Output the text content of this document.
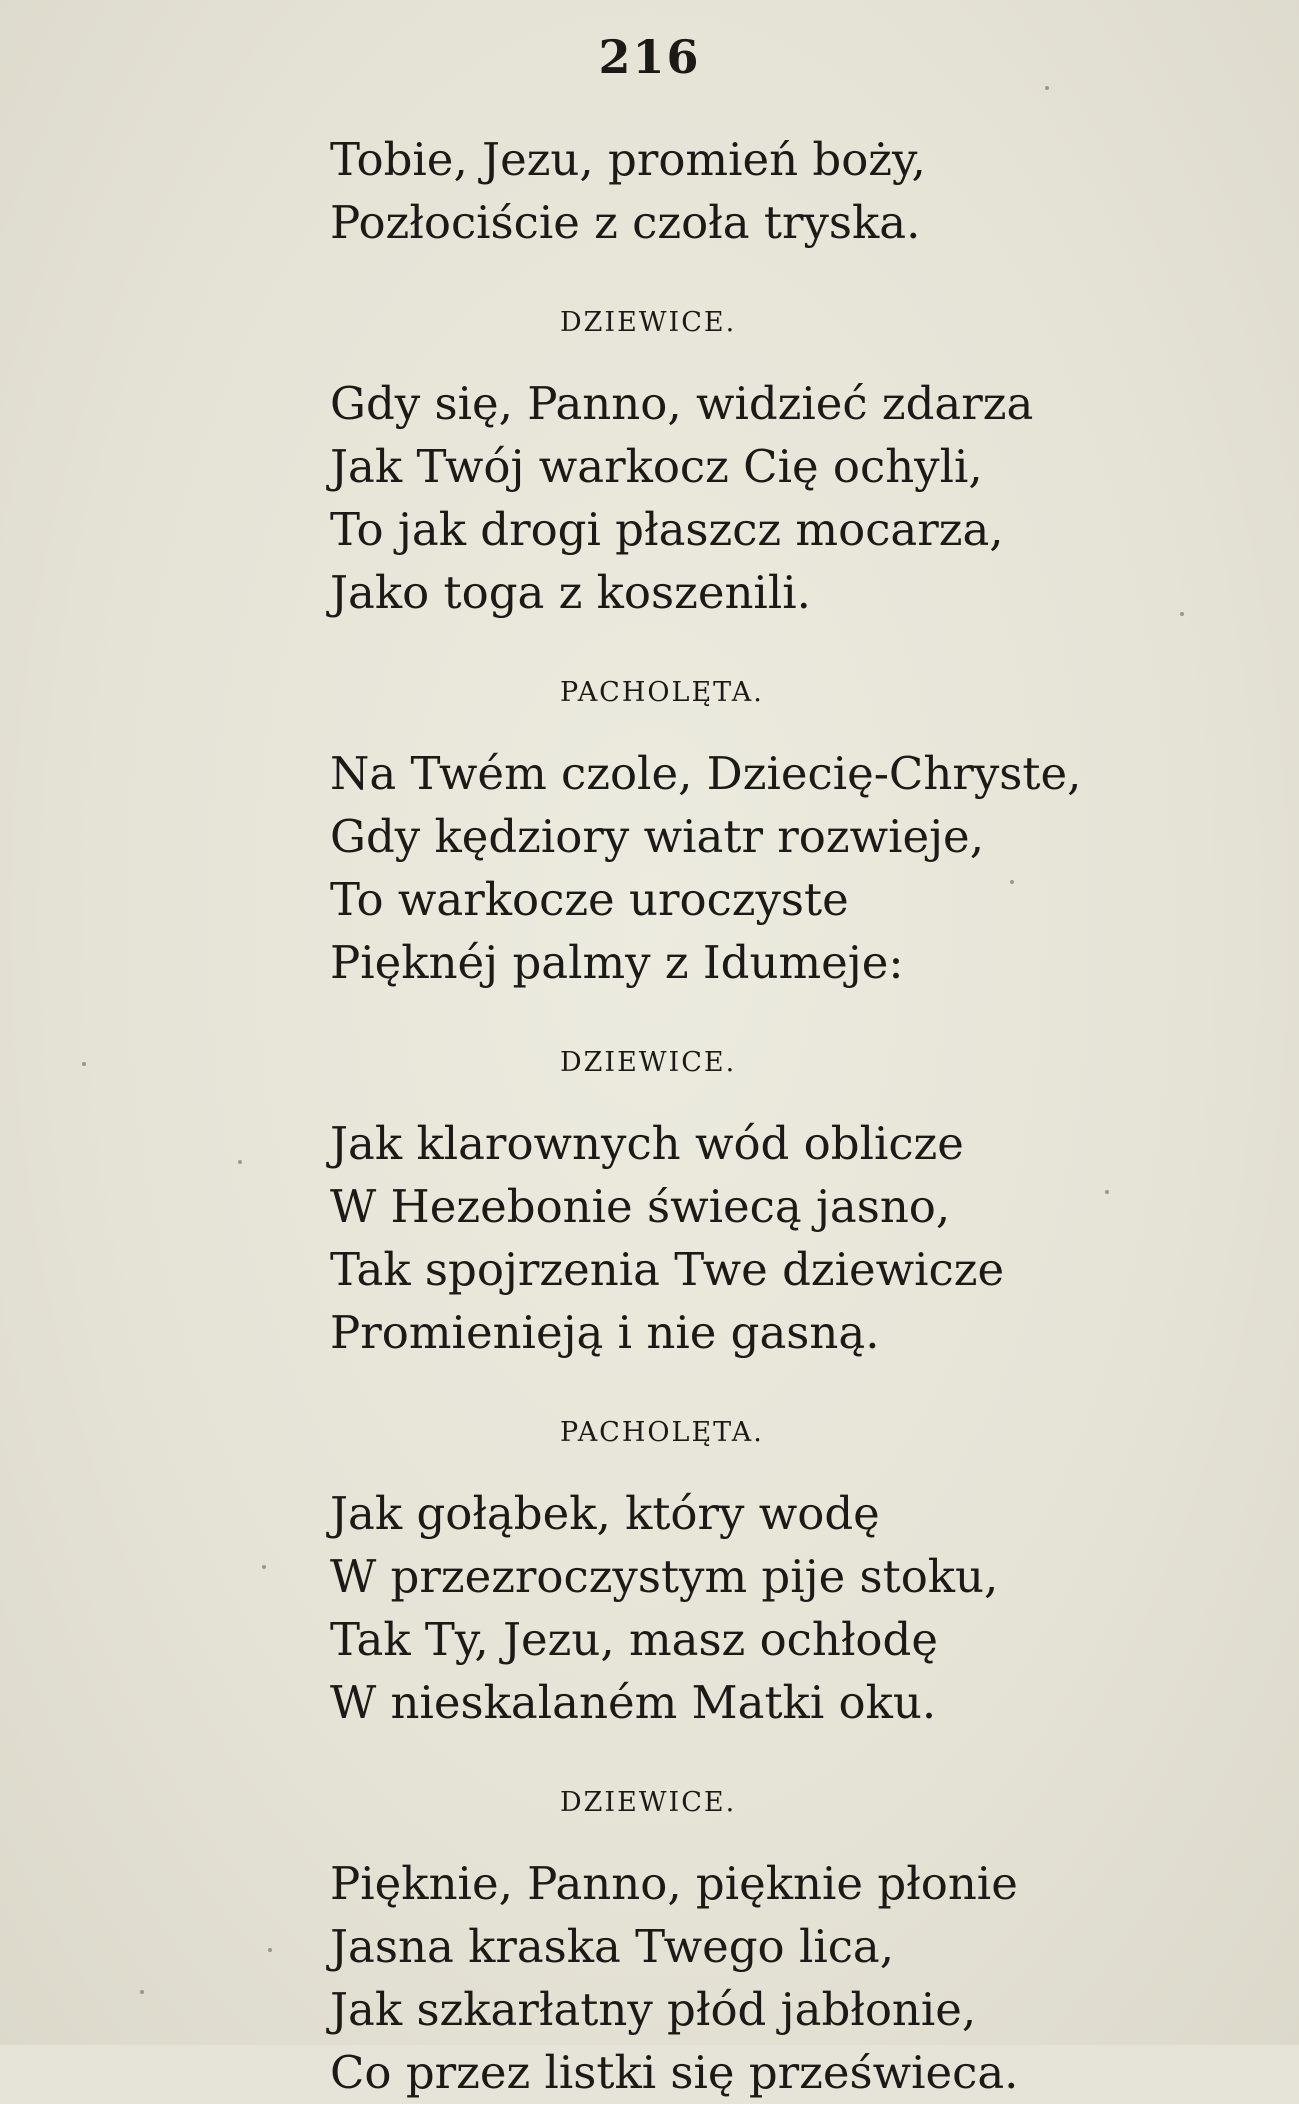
216
Tobie, Jezu, promień boży,
Pozłociście z czoła tryska.
DZIEWICE.
Gdy się, Panno, widzieć zdarza
Jak Twój warkocz Cię ochyli,
To jak drogi płaszcz mocarza,
Jako toga z koszenili.
PACHOLĘTA.
Na Twém czole, Dziecię-Chryste,
Gdy kędziory wiatr rozwieje,
To warkocze uroczyste
Pięknéj palmy z Idumeje:
DZIEWICE.
Jak klarownych wód oblicze
W Hezebonie świecą jasno,
Tak spojrzenia Twe dziewicze
Promienieją i nie gasną.
PACHOLĘTA.
Jak gołąbek, który wodę
W przezroczystym pije stoku,
Tak Ty, Jezu, masz ochłodę
W nieskalaném Matki oku.
DZIEWICE.
Pięknie, Panno, pięknie płonie
Jasna kraska Twego lica,
Jak szkarłatny płód jabłonie,
Co przez listki się prześwieca.
